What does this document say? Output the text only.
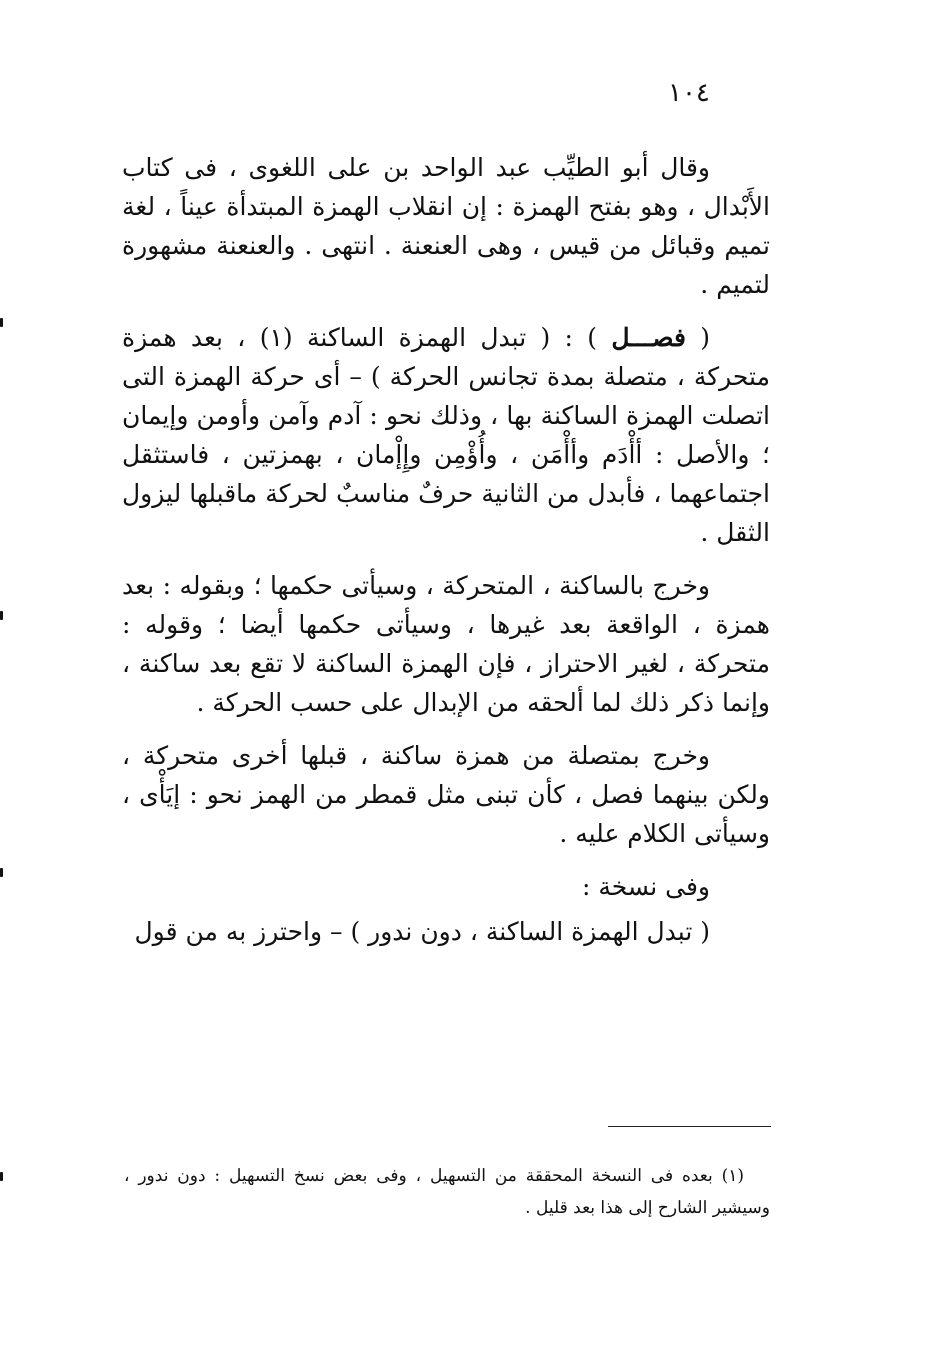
١٠٤

وقال أبو الطيِّب عبد الواحد بن على اللغوى ، فى كتاب الأَبْدال ، وهو بفتح الهمزة : إن انقلاب الهمزة المبتدأة عيناً ، لغة تميم وقبائل من قيس ، وهى العنعنة . انتهى . والعنعنة مشهورة لتميم .

( فصـــل ) : ( تبدل الهمزة الساكنة (١) ، بعد همزة متحركة ، متصلة بمدة تجانس الحركة ) – أى حركة الهمزة التى اتصلت الهمزة الساكنة بها ، وذلك نحو : آدم وآمن وأومن وإيمان ؛ والأصل : أأْدَم وأأْمَن ، وأُؤْمِن وإِإْمان ، بهمزتين ، فاستثقل اجتماعهما ، فأبدل من الثانية حرفٌ مناسبٌ لحركة ماقبلها ليزول الثقل .

وخرج بالساكنة ، المتحركة ، وسيأتى حكمها ؛ وبقوله : بعد همزة ، الواقعة بعد غيرها ، وسيأتى حكمها أيضا ؛ وقوله : متحركة ، لغير الاحتراز ، فإن الهمزة الساكنة لا تقع بعد ساكنة ، وإنما ذكر ذلك لما ألحقه من الإبدال على حسب الحركة .

وخرج بمتصلة من همزة ساكنة ، قبلها أخرى متحركة ، ولكن بينهما فصل ، كأن تبنى مثل قمطر من الهمز نحو : إيَأْى ، وسيأتى الكلام عليه .

وفى نسخة :

( تبدل الهمزة الساكنة ، دون ندور ) – واحترز به من قول

(١) بعده فى النسخة المحققة من التسهيل ، وفى بعض نسخ التسهيل : دون ندور ، وسيشير الشارح إلى هذا بعد قليل .
